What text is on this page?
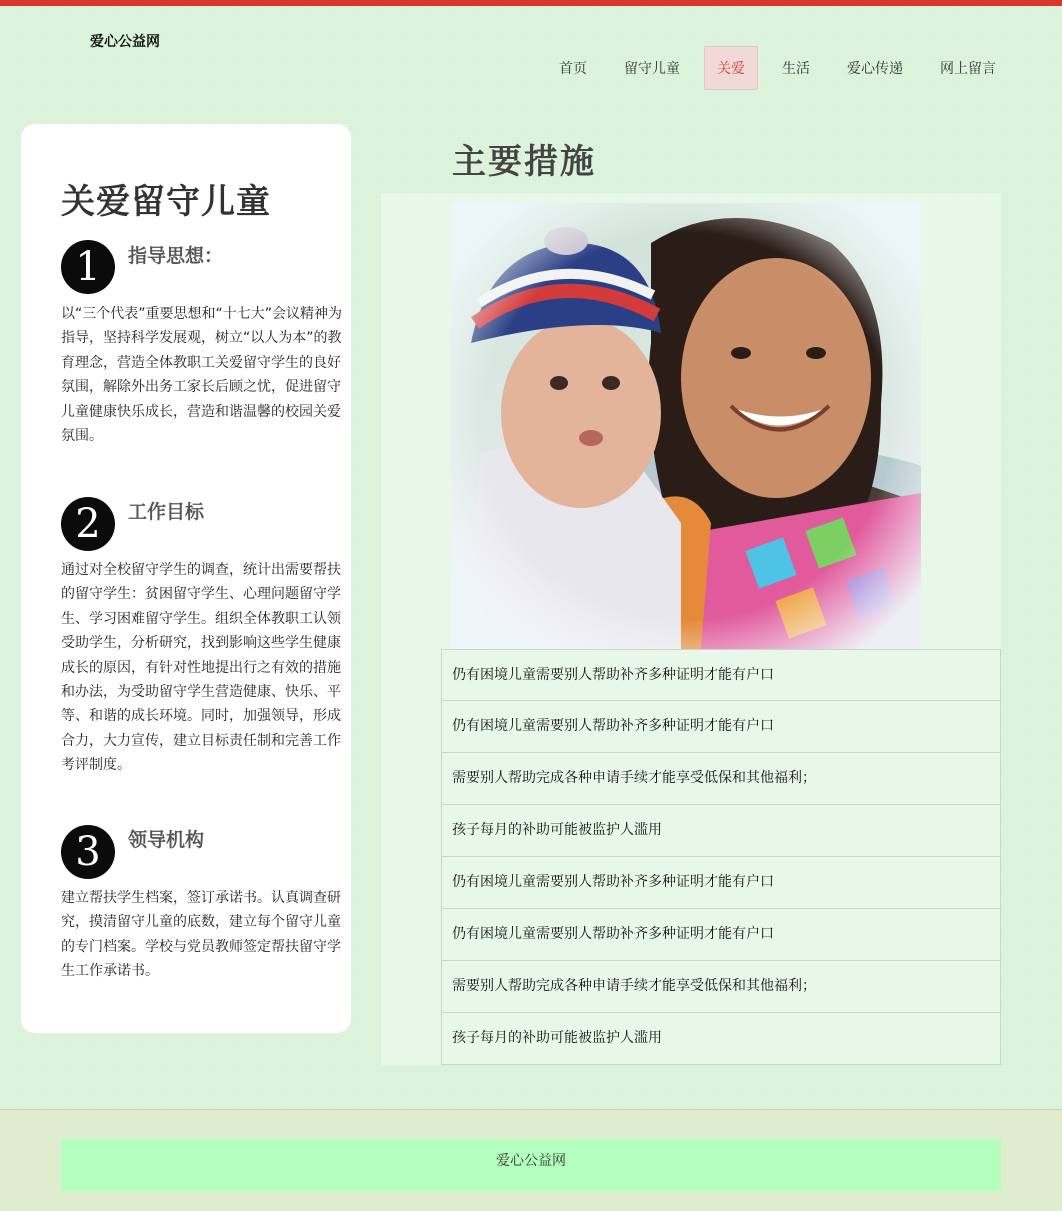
爱心公益网
首页	留守儿童	关爱	生活	爱心传递	网上留言
关爱留守儿童
1	指导思想：

以“三个代表”重要思想和“十七大”会议精神为指导，坚持科学发展观，树立“以人为本”的教育理念，营造全体教职工关爱留守学生的良好氛围，解除外出务工家长后顾之忧，促进留守儿童健康快乐成长，营造和谐温馨的校园关爱氛围。

2	工作目标

通过对全校留守学生的调查，统计出需要帮扶的留守学生：贫困留守学生、心理问题留守学生、学习困难留守学生。组织全体教职工认领受助学生，分析研究，找到影响这些学生健康成长的原因，有针对性地提出行之有效的措施和办法，为受助留守学生营造健康、快乐、平等、和谐的成长环境。同时，加强领导，形成合力，大力宣传，建立目标责任制和完善工作考评制度。

3	领导机构

建立帮扶学生档案，签订承诺书。认真调查研究，摸清留守儿童的底数，建立每个留守儿童的专门档案。学校与党员教师签定帮扶留守学生工作承诺书。

主要措施
仍有困境儿童需要别人帮助补齐多种证明才能有户口
仍有困境儿童需要别人帮助补齐多种证明才能有户口
需要别人帮助完成各种申请手续才能享受低保和其他福利；
孩子每月的补助可能被监护人滥用
仍有困境儿童需要别人帮助补齐多种证明才能有户口
仍有困境儿童需要别人帮助补齐多种证明才能有户口
需要别人帮助完成各种申请手续才能享受低保和其他福利；
孩子每月的补助可能被监护人滥用
爱心公益网
